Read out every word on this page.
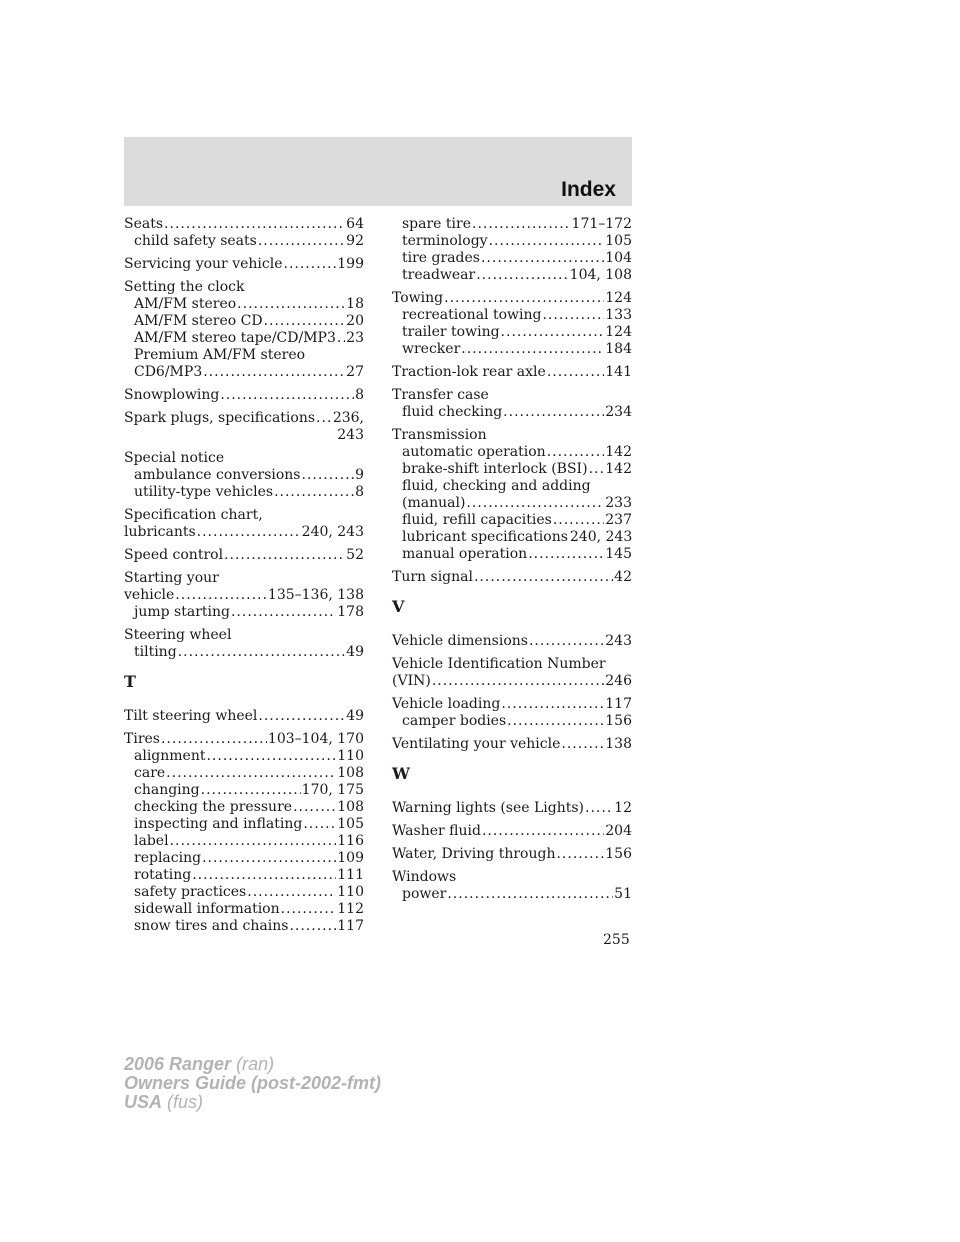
Index
Seats .....	64
child safety seats .....	92
Servicing your vehicle .....	199
Setting the clock
AM/FM stereo .....	18
AM/FM stereo CD .....	20
AM/FM stereo tape/CD/MP3 ..... 23
Premium AM/FM stereo
CD6/MP3 .....	27
Snowplowing .....	8
Spark plugs, specifications ..... 236,
243
Special notice
ambulance conversions .....	9
utility-type vehicles .....	8
Specification chart,
lubricants .....	240, 243
Speed control .....	52
Starting your
vehicle .....	135–136, 138
jump starting .....	178
Steering wheel
tilting .....	49
T
Tilt steering wheel .....	49
Tires .....	103–104, 170
alignment .....	110
care .....	108
changing .....	170, 175
checking the pressure .....	108
inspecting and inflating ..... 105
label .....	116
replacing .....	109
rotating .....	111
safety practices .....	110
sidewall information .....	112
snow tires and chains .....	117
spare tire .....	171–172
terminology .....	105
tire grades .....	104
treadwear .....	104, 108
Towing .....	124
recreational towing .....	133
trailer towing .....	124
wrecker .....	184
Traction-lok rear axle .....	141
Transfer case
fluid checking .....	234
Transmission
automatic operation .....	142
brake-shift interlock (BSI) ..... 142
fluid, checking and adding
(manual) .....	233
fluid, refill capacities .....	237
lubricant specifications 240, 243
manual operation .....	145
Turn signal .....	42
V
Vehicle dimensions .....	243
Vehicle Identification Number
(VIN) .....	246
Vehicle loading .....	117
camper bodies .....	156
Ventilating your vehicle .....	138
W
Warning lights (see Lights) ..... 12
Washer fluid .....	204
Water, Driving through .....	156
Windows
power .....	51
255
2006 Ranger (ran)
Owners Guide (post-2002-fmt)
USA (fus)
